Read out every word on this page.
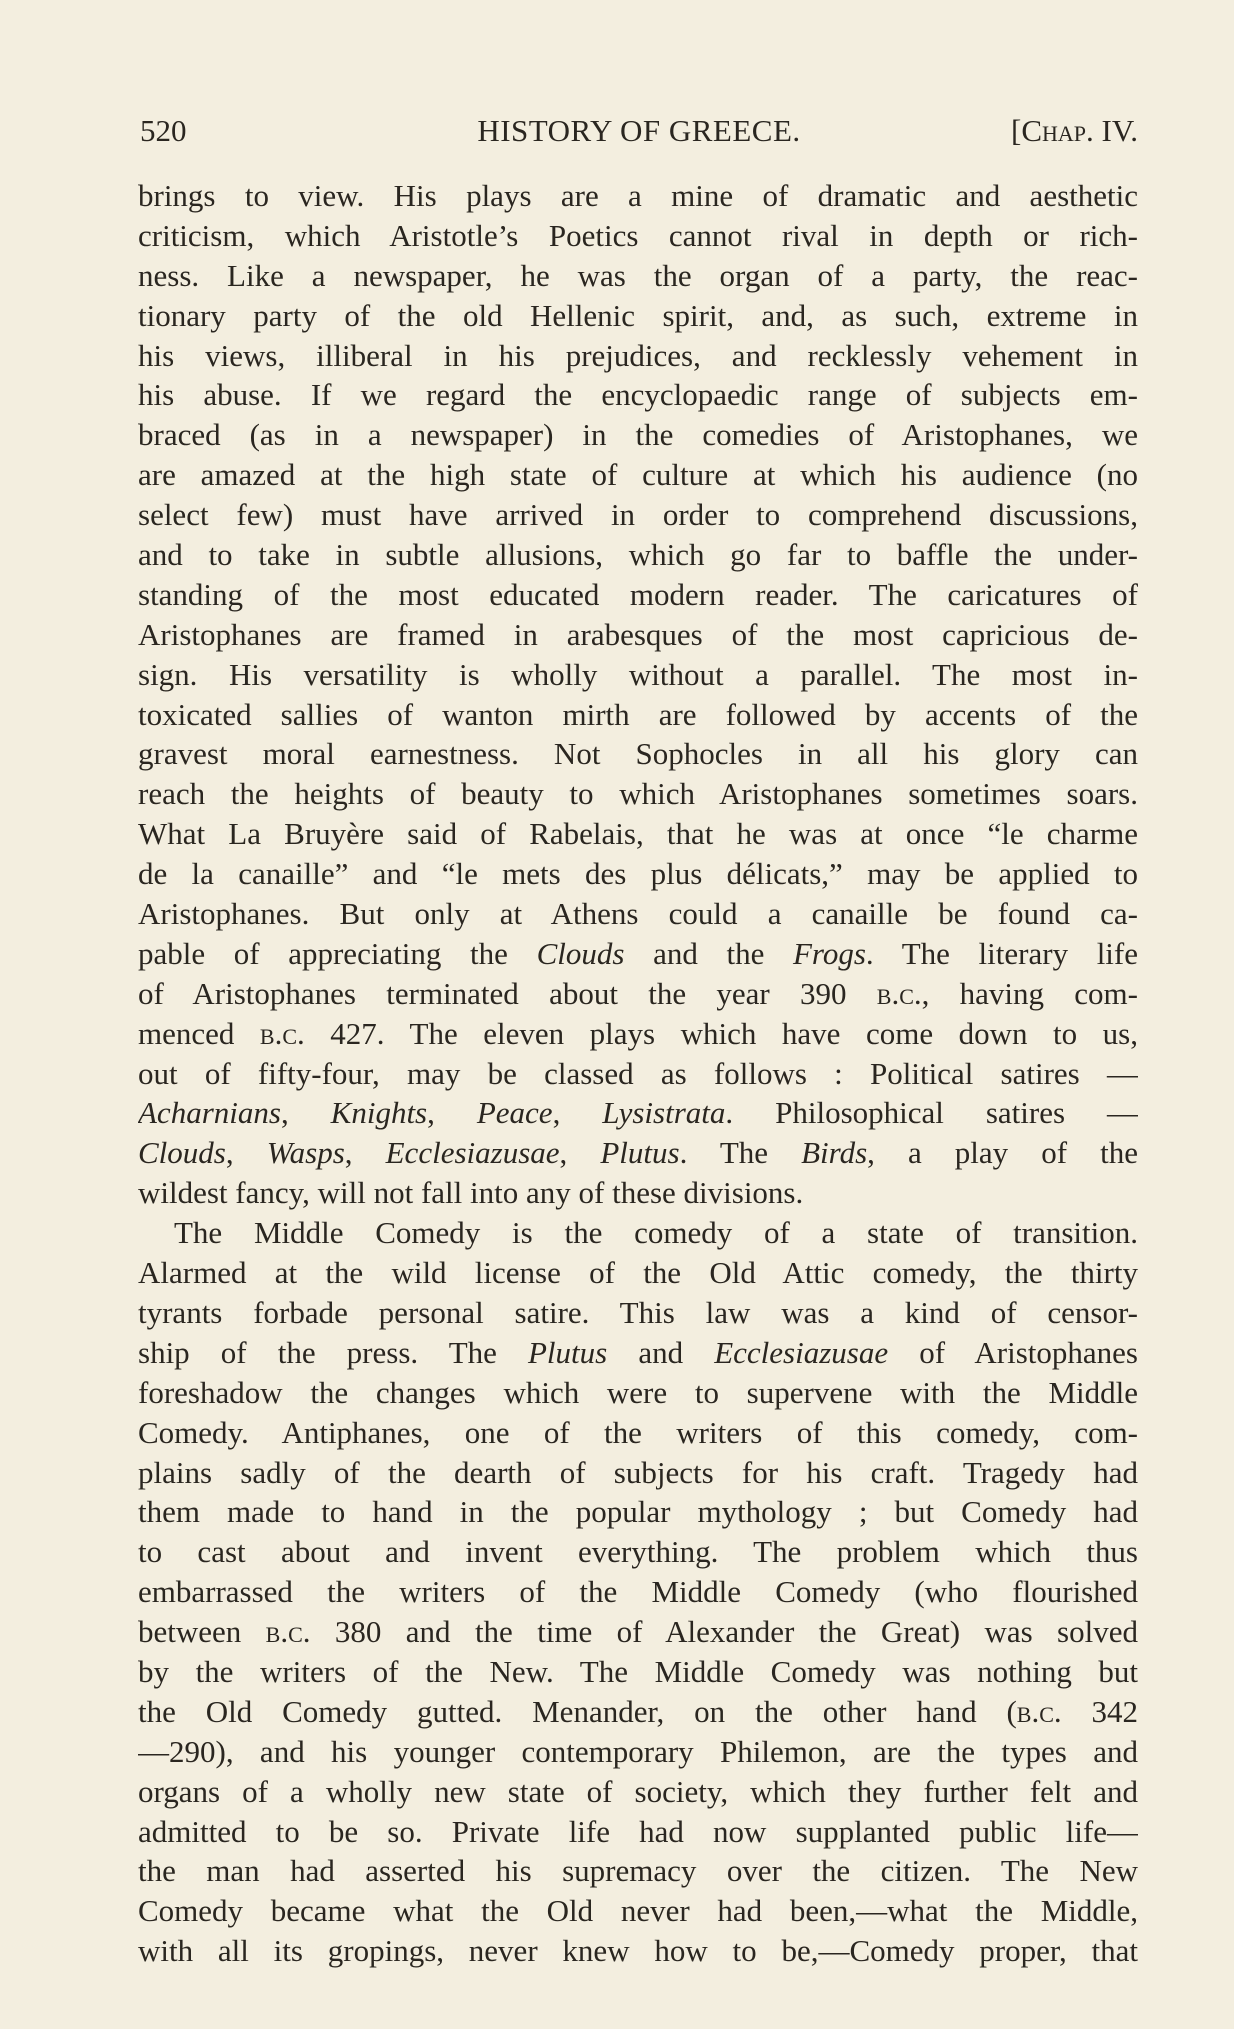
520	HISTORY OF GREECE.	[Chap. IV.
brings to view. His plays are a mine of dramatic and aesthetic
criticism, which Aristotle’s Poetics cannot rival in depth or rich-
ness. Like a newspaper, he was the organ of a party, the reac-
tionary party of the old Hellenic spirit, and, as such, extreme in
his views, illiberal in his prejudices, and recklessly vehement in
his abuse. If we regard the encyclopaedic range of subjects em-
braced (as in a newspaper) in the comedies of Aristophanes, we
are amazed at the high state of culture at which his audience (no
select few) must have arrived in order to comprehend discussions,
and to take in subtle allusions, which go far to baffle the under-
standing of the most educated modern reader. The caricatures of
Aristophanes are framed in arabesques of the most capricious de-
sign. His versatility is wholly without a parallel. The most in-
toxicated sallies of wanton mirth are followed by accents of the
gravest moral earnestness. Not Sophocles in all his glory can
reach the heights of beauty to which Aristophanes sometimes soars.
What La Bruyère said of Rabelais, that he was at once “le charme
de la canaille” and “le mets des plus délicats,” may be applied to
Aristophanes. But only at Athens could a canaille be found ca-
pable of appreciating the Clouds and the Frogs. The literary life
of Aristophanes terminated about the year 390 b.c., having com-
menced b.c. 427. The eleven plays which have come down to us,
out of fifty-four, may be classed as follows : Political satires —
Acharnians, Knights, Peace, Lysistrata. Philosophical satires —
Clouds, Wasps, Ecclesiazusae, Plutus. The Birds, a play of the
wildest fancy, will not fall into any of these divisions.
The Middle Comedy is the comedy of a state of transition.
Alarmed at the wild license of the Old Attic comedy, the thirty
tyrants forbade personal satire. This law was a kind of censor-
ship of the press. The Plutus and Ecclesiazusae of Aristophanes
foreshadow the changes which were to supervene with the Middle
Comedy. Antiphanes, one of the writers of this comedy, com-
plains sadly of the dearth of subjects for his craft. Tragedy had
them made to hand in the popular mythology ; but Comedy had
to cast about and invent everything. The problem which thus
embarrassed the writers of the Middle Comedy (who flourished
between b.c. 380 and the time of Alexander the Great) was solved
by the writers of the New. The Middle Comedy was nothing but
the Old Comedy gutted. Menander, on the other hand (b.c. 342
—290), and his younger contemporary Philemon, are the types and
organs of a wholly new state of society, which they further felt and
admitted to be so. Private life had now supplanted public life—
the man had asserted his supremacy over the citizen. The New
Comedy became what the Old never had been,—what the Middle,
with all its gropings, never knew how to be,—Comedy proper, that
